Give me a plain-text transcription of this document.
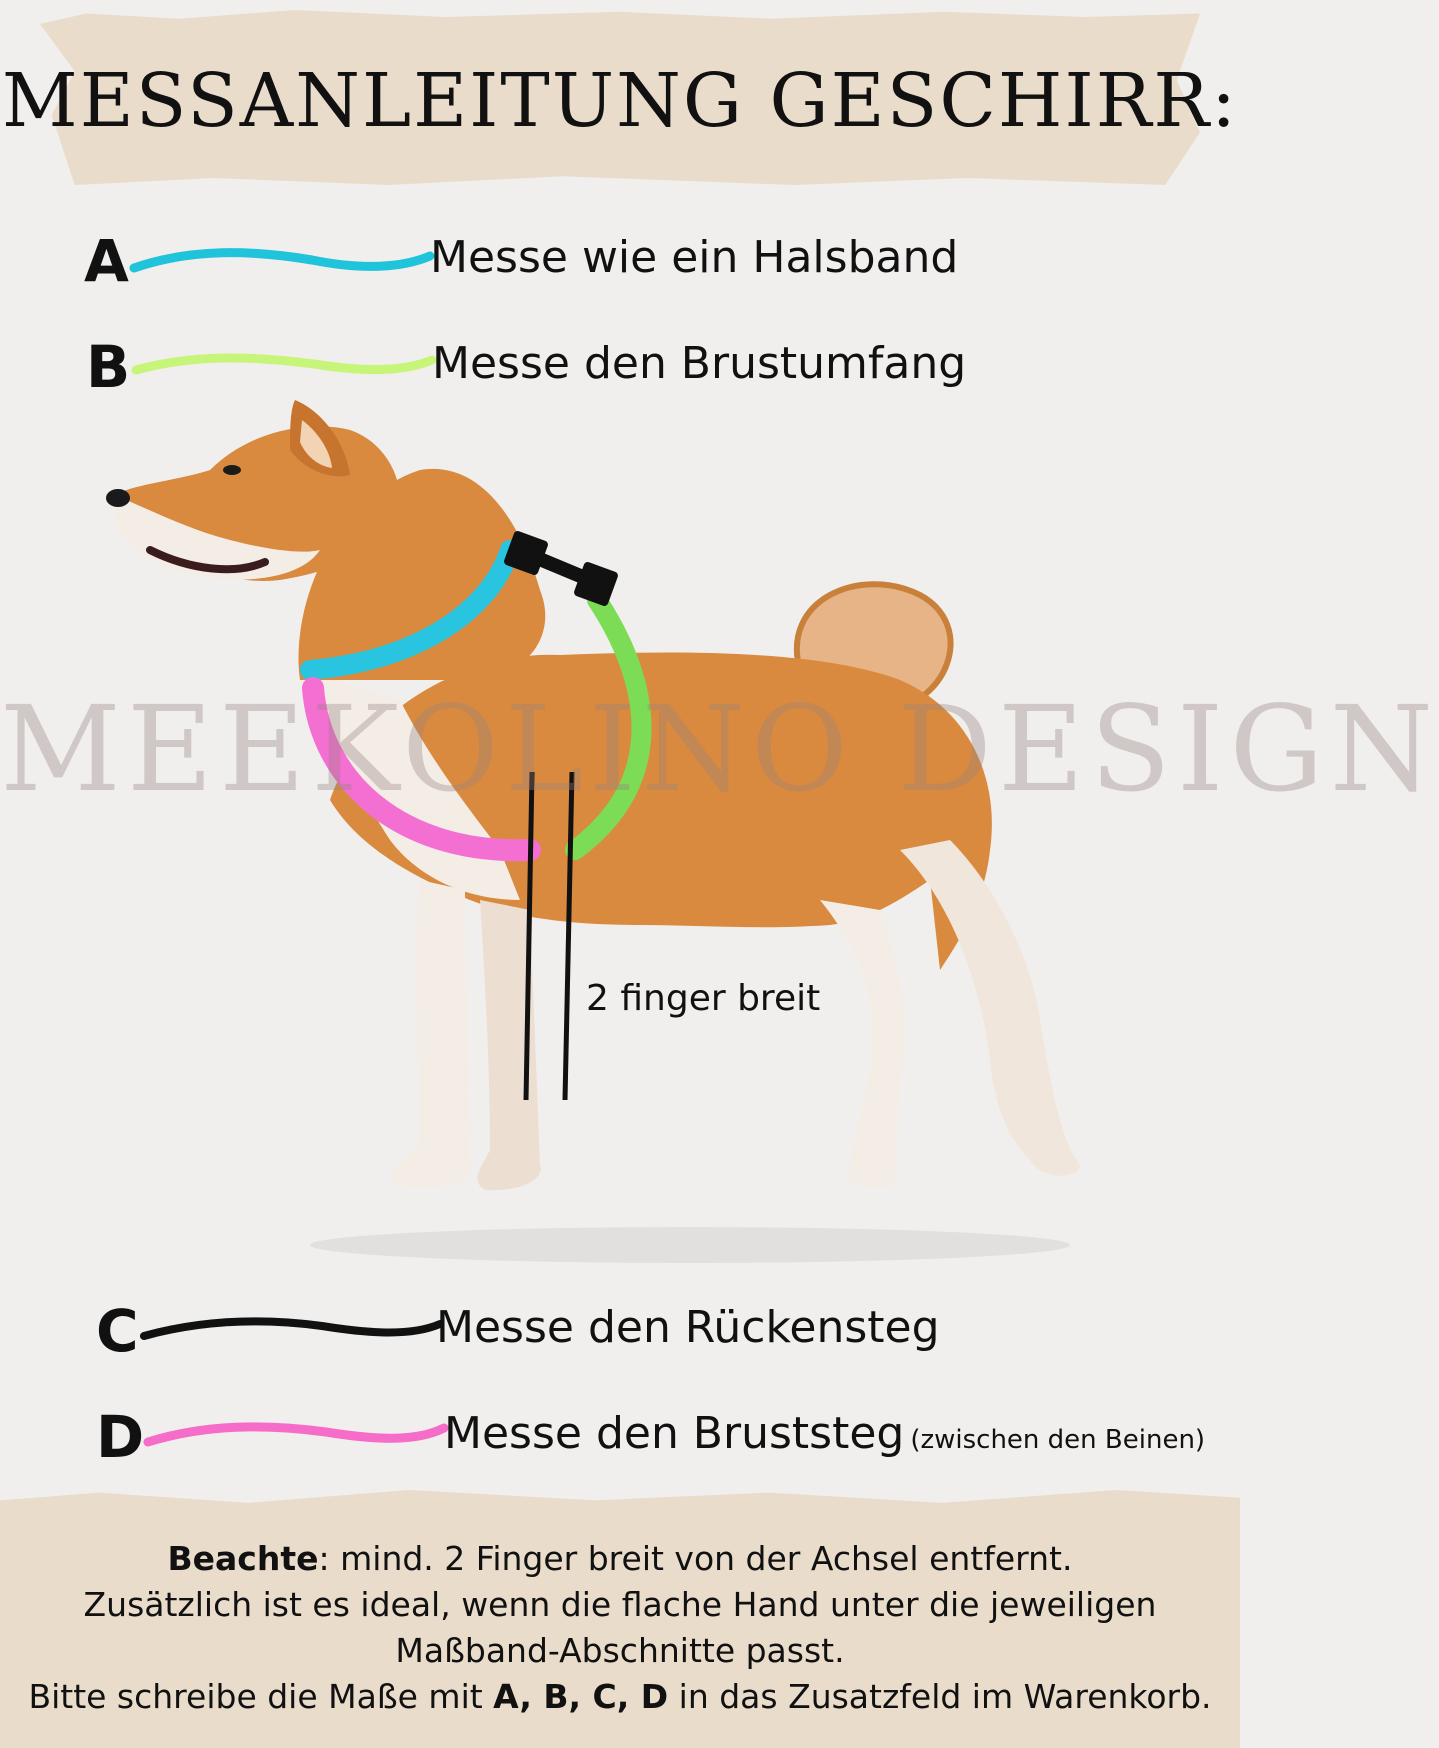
MESSANLEITUNG GESCHIRR:
A	Messe wie ein Halsband
B	Messe den Brustumfang
MEEKOLINO DESIGN
2 finger breit
C	Messe den Rückensteg
D	Messe den Bruststeg (zwischen den Beinen)

Beachte: mind. 2 Finger breit von der Achsel entfernt.

Zusätzlich ist es ideal, wenn die flache Hand unter die jeweiligen

Maßband-Abschnitte passt.

Bitte schreibe die Maße mit A, B, C, D in das Zusatzfeld im Warenkorb.
